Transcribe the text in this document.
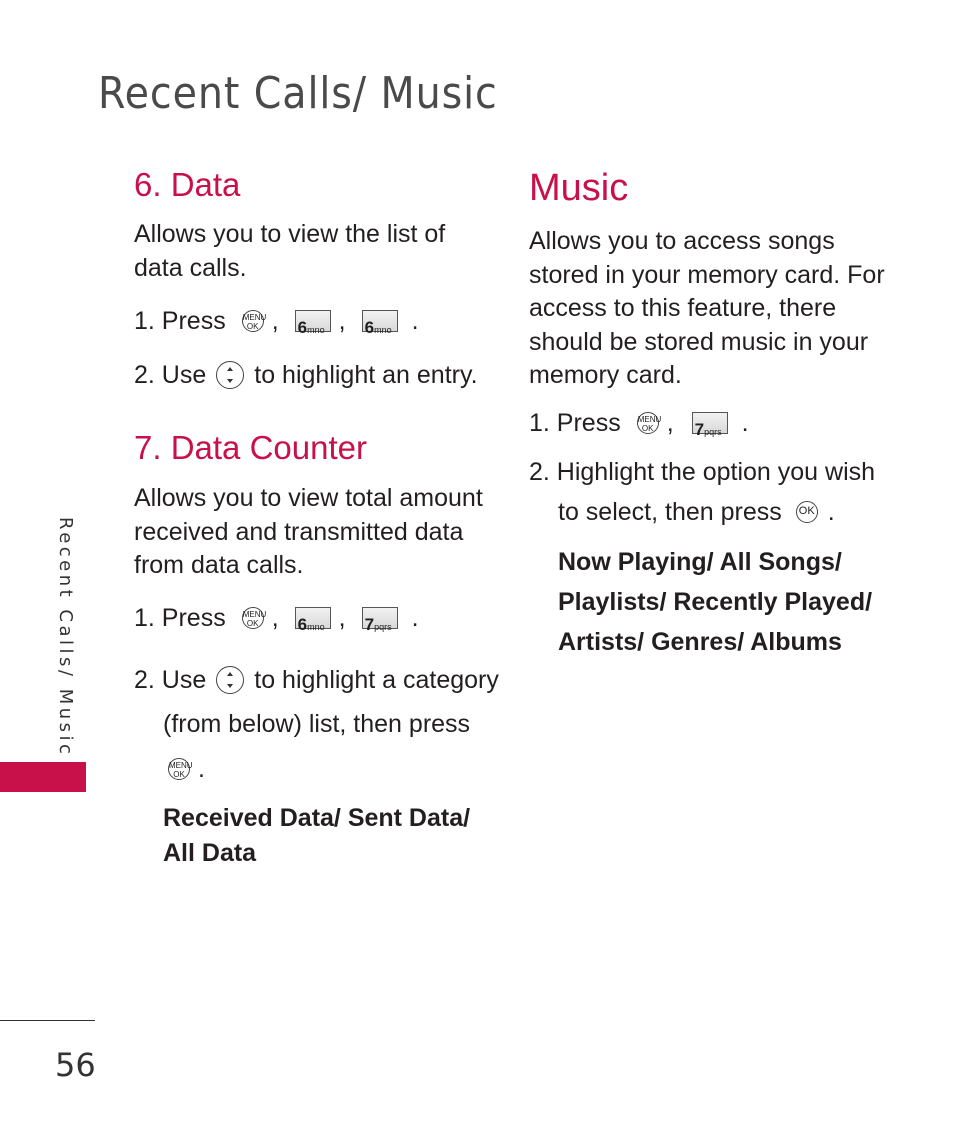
Recent Calls/ Music
6. Data
Allows you to view the list of
data calls.
1. Press MENU
OK , 6mno , 6mno .
2. Use to highlight an entry.
7. Data Counter
Allows you to view total amount
received and transmitted data
from data calls.
1. Press MENU
OK , 6mno , 7pqrs .
2. Use to highlight a category
(from below) list, then press
MENU
OK .
Received Data/ Sent Data/
All Data
Music
Allows you to access songs
stored in your memory card. For
access to this feature, there
should be stored music in your
memory card.
1. Press MENU
OK , 7pqrs .
2. Highlight the option you wish
to select, then press OK .
Now Playing/ All Songs/
Playlists/ Recently Played/
Artists/ Genres/ Albums
Recent Calls/ Music
56
